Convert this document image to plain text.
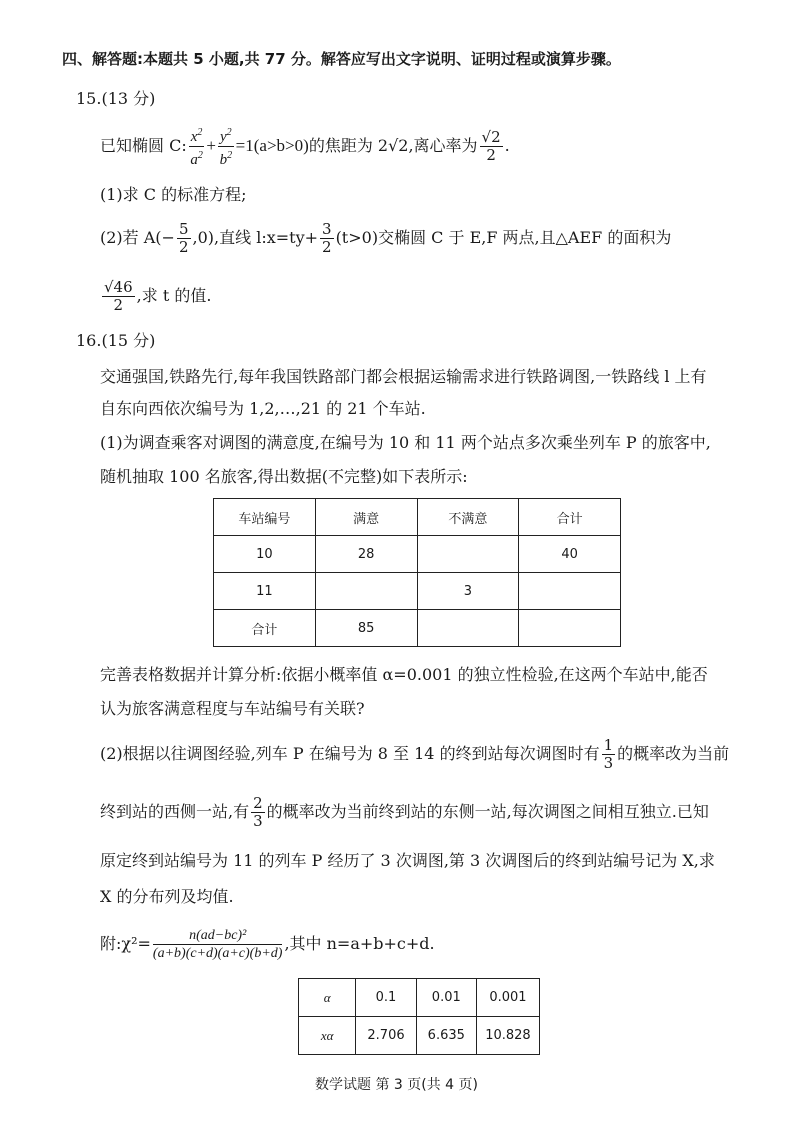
四、解答题:本题共 5 小题,共 77 分。解答应写出文字说明、证明过程或演算步骤。
15.(13 分)
已知椭圆 C: $\frac{x^2}{a^2} + \frac{y^2}{b^2} =1(a>b>0)$ 的焦距为 2√2,离心率为 $\frac{√2}{2}$ .
(1)求 C 的标准方程;
(2)若 $A(- \frac{5}{2} ,0)$,直线 l:x=ty+ $\frac{3}{2} (t>0)$交椭圆 C 于 E,F 两点,且△AEF 的面积为
$\frac{√46}{2}$ ,求 t 的值.
16.(15 分)
交通强国,铁路先行,每年我国铁路部门都会根据运输需求进行铁路调图,一铁路线 l 上有
自东向西依次编号为 1,2,…,21 的 21 个车站.
(1)为调查乘客对调图的满意度,在编号为 10 和 11 两个站点多次乘坐列车 P 的旅客中,
随机抽取 100 名旅客,得出数据(不完整)如下表所示:
车站编号	满意	不满意	合计
10	28		40
11		3	
合计	85		
完善表格数据并计算分析:依据小概率值 α=0.001 的独立性检验,在这两个车站中,能否
认为旅客满意程度与车站编号有关联?
(2)根据以往调图经验,列车 P 在编号为 8 至 14 的终到站每次调图时有 $\frac{1}{3}$ 的概率改为当前
终到站的西侧一站,有 $\frac{2}{3}$ 的概率改为当前终到站的东侧一站,每次调图之间相互独立.已知
原定终到站编号为 11 的列车 P 经历了 3 次调图,第 3 次调图后的终到站编号记为 X,求
X 的分布列及均值.
附:χ²= $\frac{\text{n(ad−bc)²}}{(a+b)(c+d)(a+c)(b+d)}$ ,其中 n=a+b+c+d.
α	0.1	0.01	0.001
xα	2.706	6.635	10.828
数学试题 第 3 页(共 4 页)
